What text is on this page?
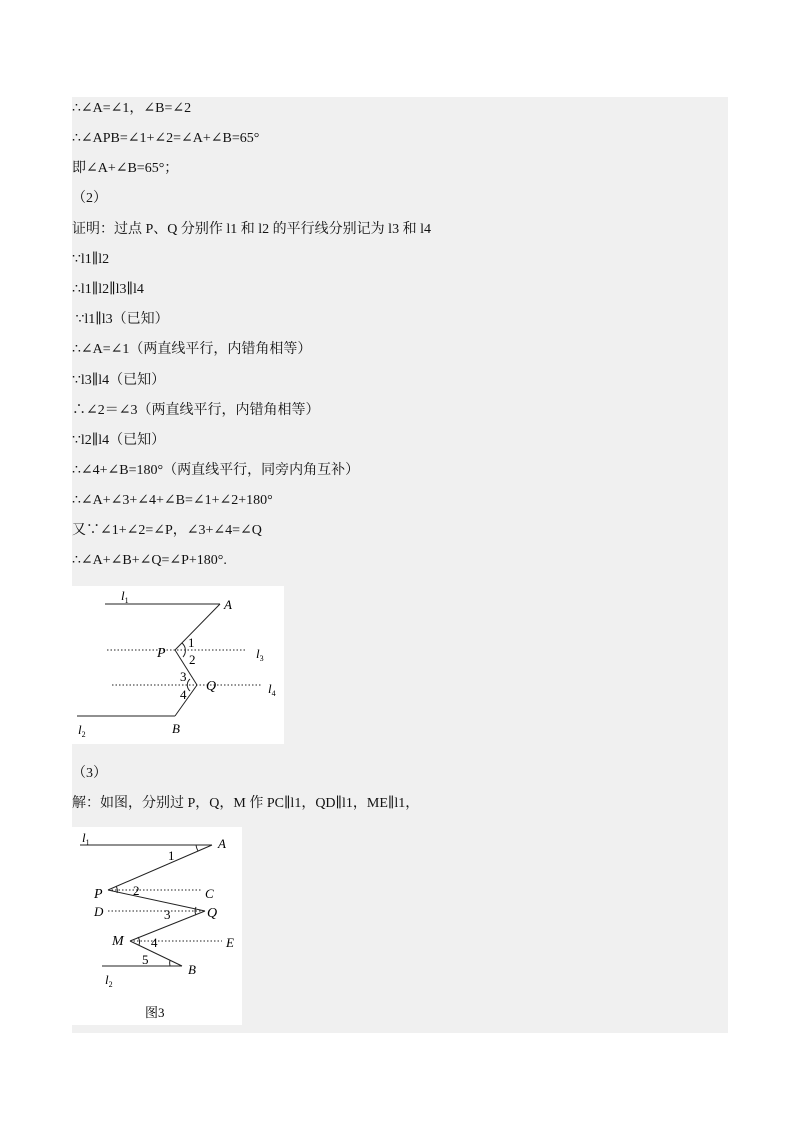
∴∠A=∠1，∠B=∠2
∴∠APB=∠1+∠2=∠A+∠B=65°
即∠A+∠B=65°；
（2）
证明：过点 P、Q 分别作 l1 和 l2 的平行线分别记为 l3 和 l4
∵l1∥l2
∴l1∥l2∥l3∥l4
∵l1∥l3（已知）
∴∠A=∠1（两直线平行，内错角相等）
∵l3∥l4（已知）
∴∠2＝∠3（两直线平行，内错角相等）
∵l2∥l4（已知）
∴∠4+∠B=180°（两直线平行，同旁内角互补）
∴∠A+∠3+∠4+∠B=∠1+∠2+180°
又∵∠1+∠2=∠P，∠3+∠4=∠Q
∴∠A+∠B+∠Q=∠P+180°.
$l_1$	A
P
1
2	$l_3$
3
Q
4	$l_4$
$l_2$	B
（3）
解：如图，分别过 P，Q，M 作 PC∥l1，QD∥l1，ME∥l1，
$l_1$	A
1
P 2	C
D	3	Q
M 4	E
5
B
$l_2$
图3
